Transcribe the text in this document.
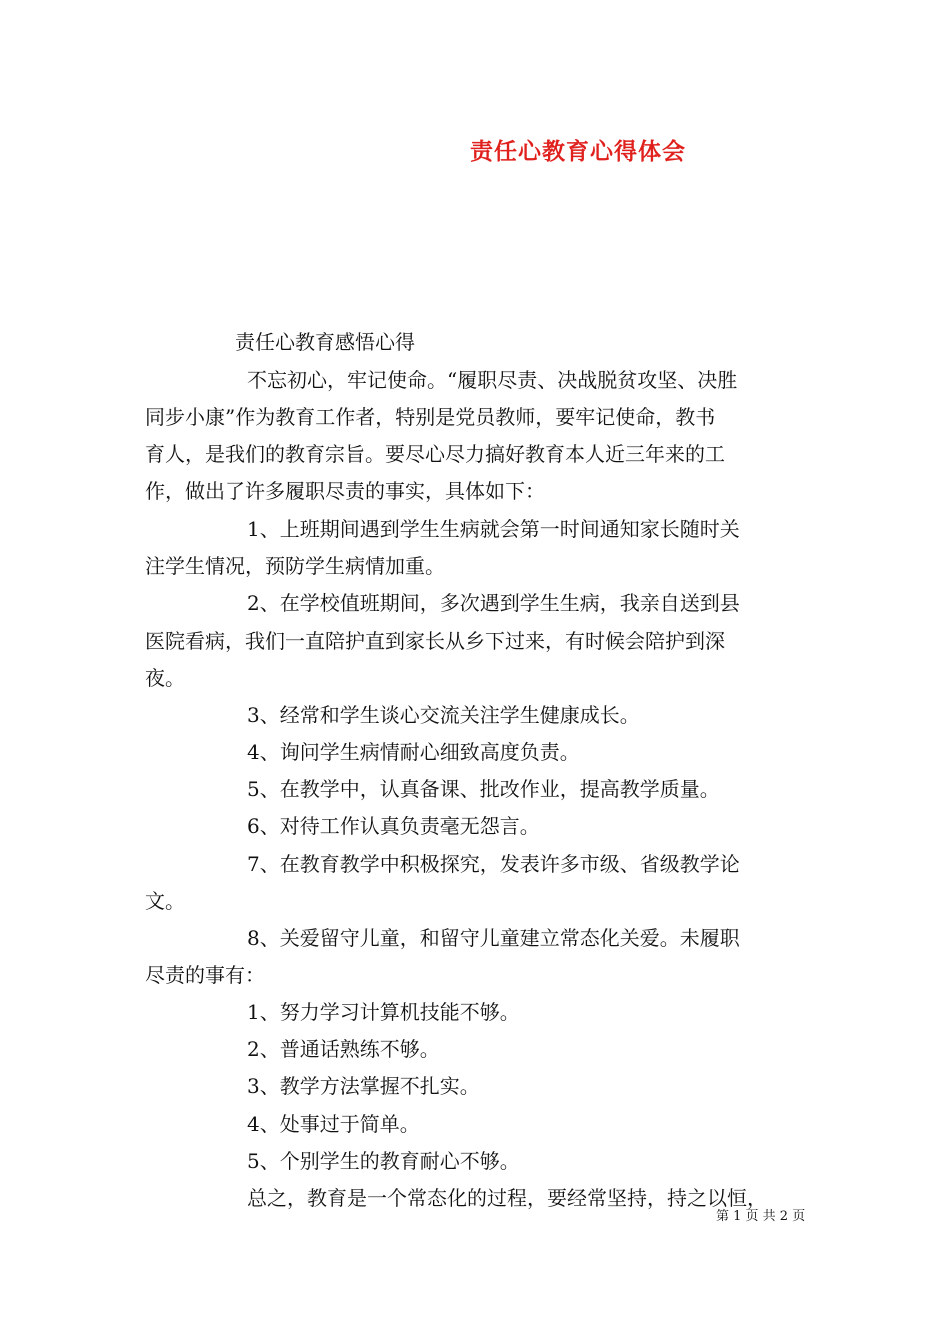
责任心教育心得体会

责任心教育感悟心得

不忘初心，牢记使命。“履职尽责、决战脱贫攻坚、决胜

同步小康”作为教育工作者，特别是党员教师，要牢记使命，教书

育人，是我们的教育宗旨。要尽心尽力搞好教育本人近三年来的工

作，做出了许多履职尽责的事实，具体如下：

1、上班期间遇到学生生病就会第一时间通知家长随时关

注学生情况，预防学生病情加重。

2、在学校值班期间，多次遇到学生生病，我亲自送到县

医院看病，我们一直陪护直到家长从乡下过来，有时候会陪护到深

夜。

3、经常和学生谈心交流关注学生健康成长。

4、询问学生病情耐心细致高度负责。

5、在教学中，认真备课、批改作业，提高教学质量。

6、对待工作认真负责毫无怨言。

7、在教育教学中积极探究，发表许多市级、省级教学论

文。

8、关爱留守儿童，和留守儿童建立常态化关爱。未履职

尽责的事有：

1、努力学习计算机技能不够。

2、普通话熟练不够。

3、教学方法掌握不扎实。

4、处事过于简单。

5、个别学生的教育耐心不够。

总之，教育是一个常态化的过程，要经常坚持，持之以恒，

第 1 页 共 2 页
